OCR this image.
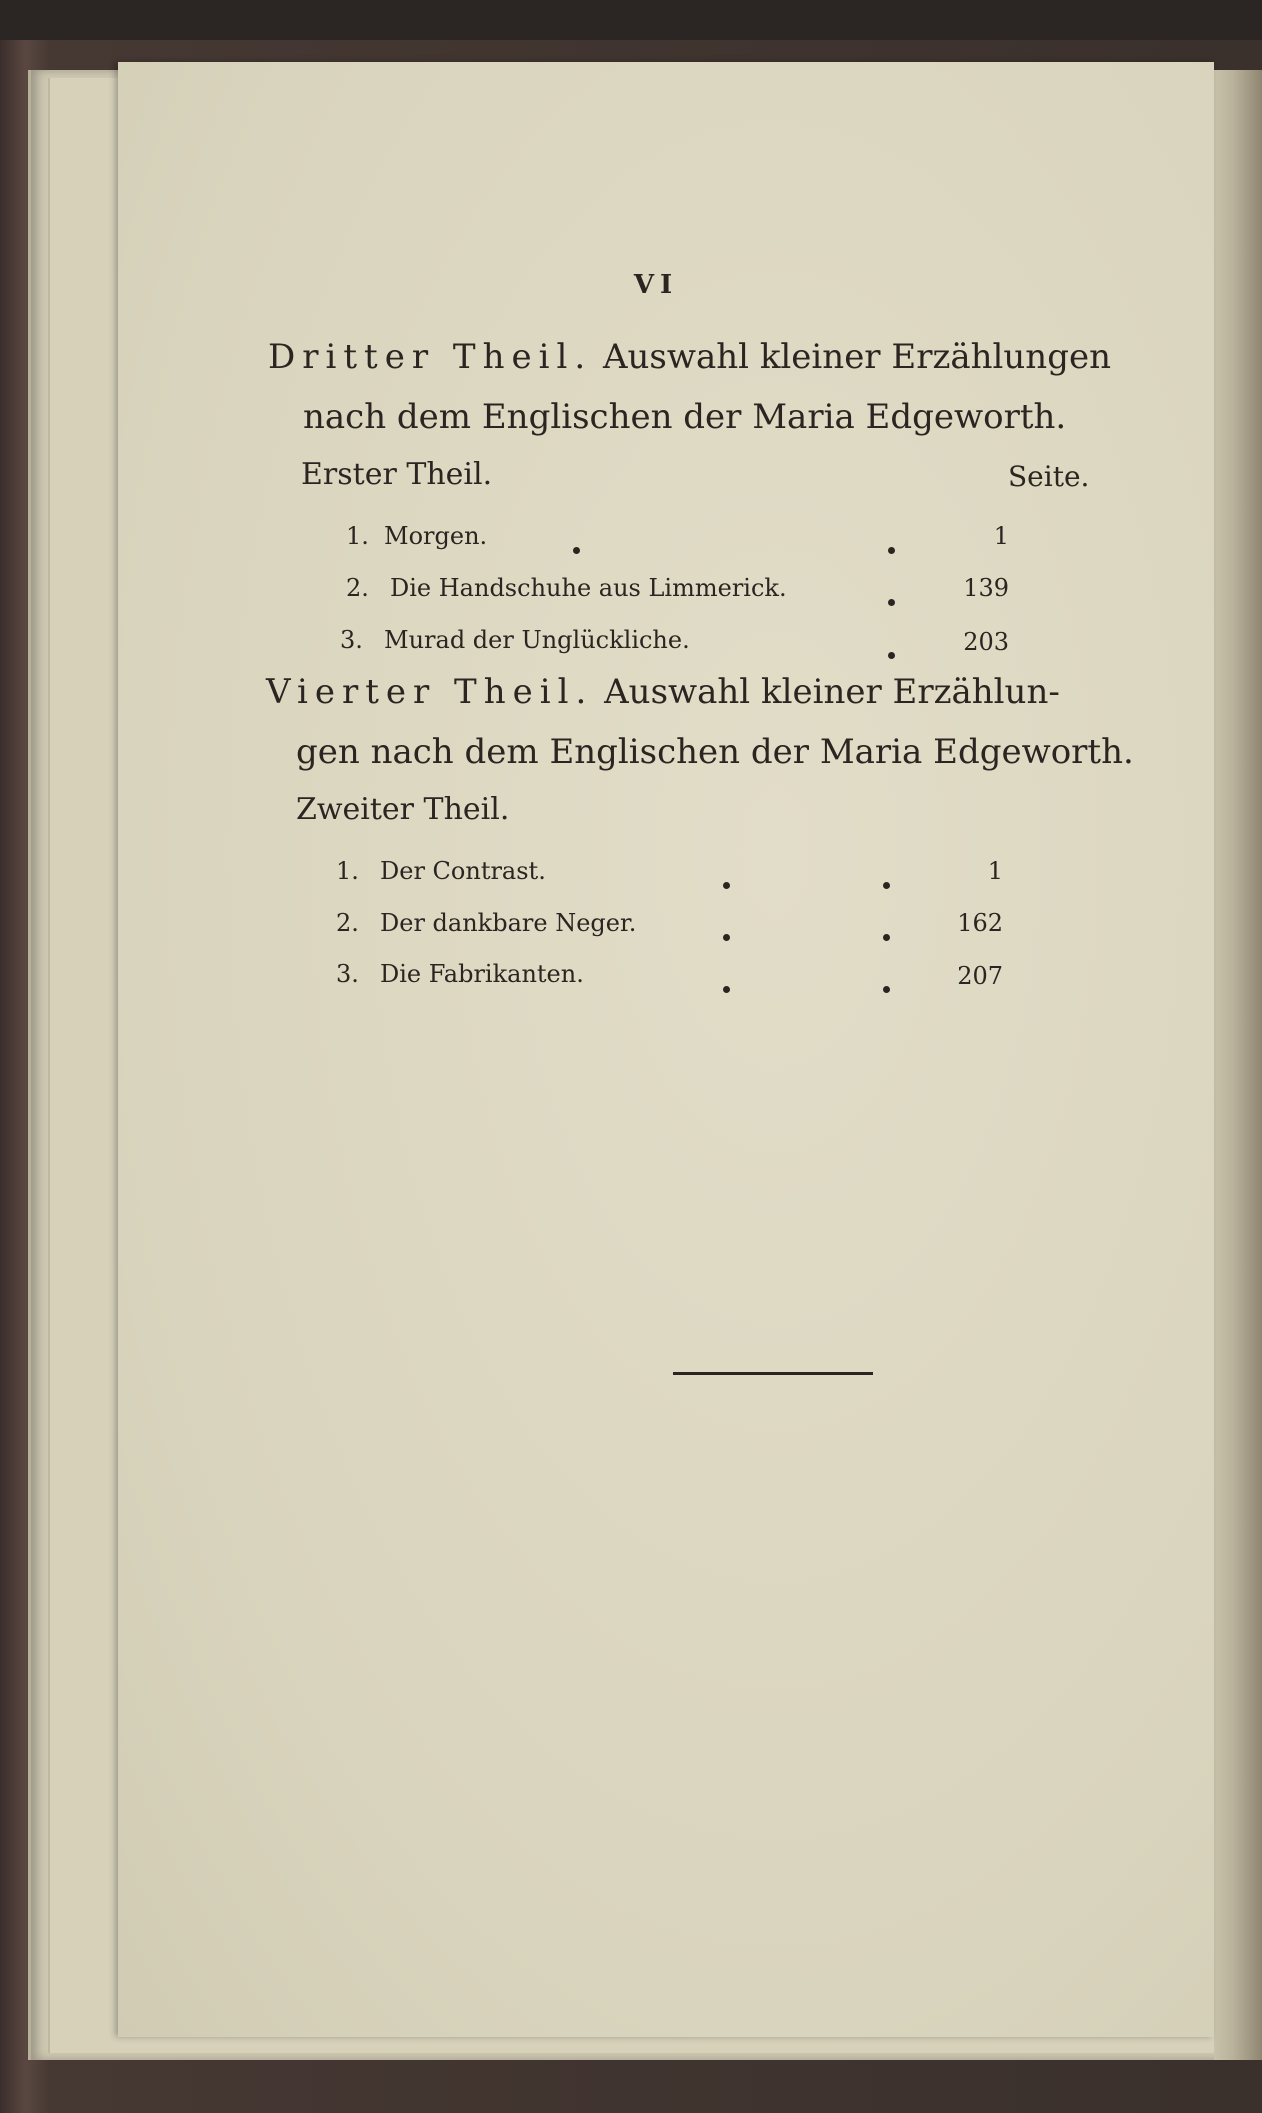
VI
Dritter Theil. Auswahl kleiner Erzählungen
nach dem Englischen der Maria Edgeworth.
Erster Theil.	Seite.
1. Morgen.	1
2. Die Handschuhe aus Limmerick.	139
3. Murad der Unglückliche.	203
Vierter Theil. Auswahl kleiner Erzählun-
gen nach dem Englischen der Maria Edgeworth.
Zweiter Theil.
1. Der Contrast.	1
2. Der dankbare Neger.	162
3. Die Fabrikanten.	207
